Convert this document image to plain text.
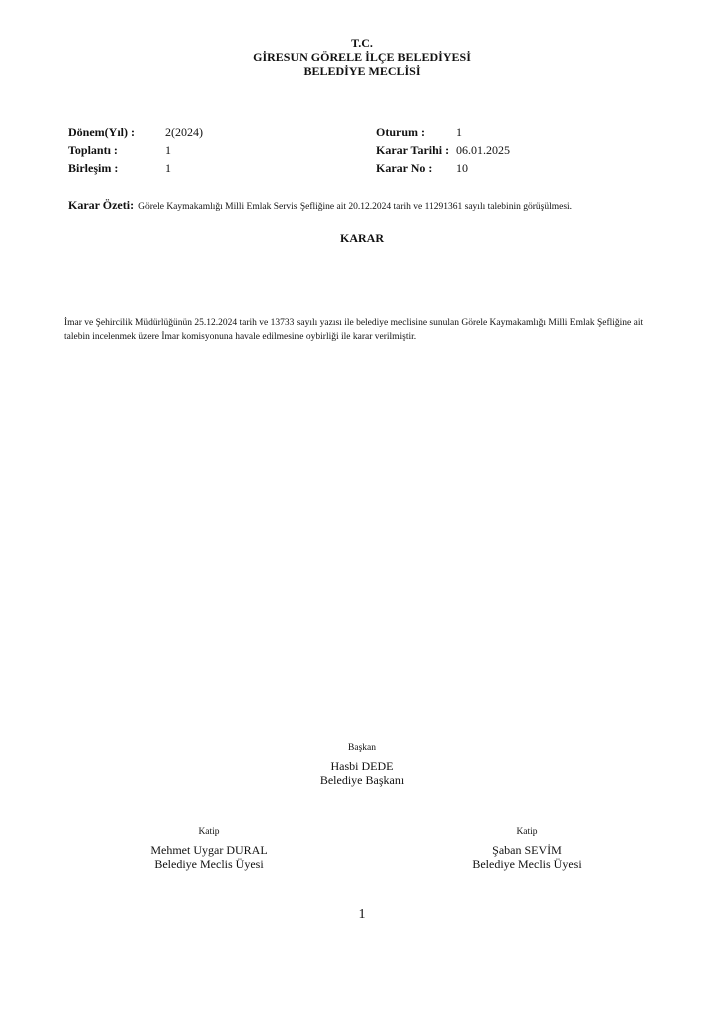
T.C.
GİRESUN GÖRELE İLÇE BELEDİYESİ
BELEDİYE MECLİSİ
Dönem(Yıl) :	2(2024)	Oturum :	1
Toplantı :	1	Karar Tarihi : 06.01.2025
Birleşim :	1	Karar No : 10
Karar Özeti: Görele Kaymakamlığı Milli Emlak Servis Şefliğine ait 20.12.2024 tarih ve 11291361 sayılı talebinin görüşülmesi.
KARAR
İmar ve Şehircilik Müdürlüğünün 25.12.2024 tarih ve 13733 sayılı yazısı ile belediye meclisine sunulan Görele Kaymakamlığı Milli Emlak Şefliğine ait talebin incelenmek üzere İmar komisyonuna havale edilmesine oybirliği ile karar verilmiştir.
Başkan
Hasbi DEDE
Belediye Başkanı
Katip
Mehmet Uygar DURAL
Belediye Meclis Üyesi
Katip
Şaban SEVİM
Belediye Meclis Üyesi
1
